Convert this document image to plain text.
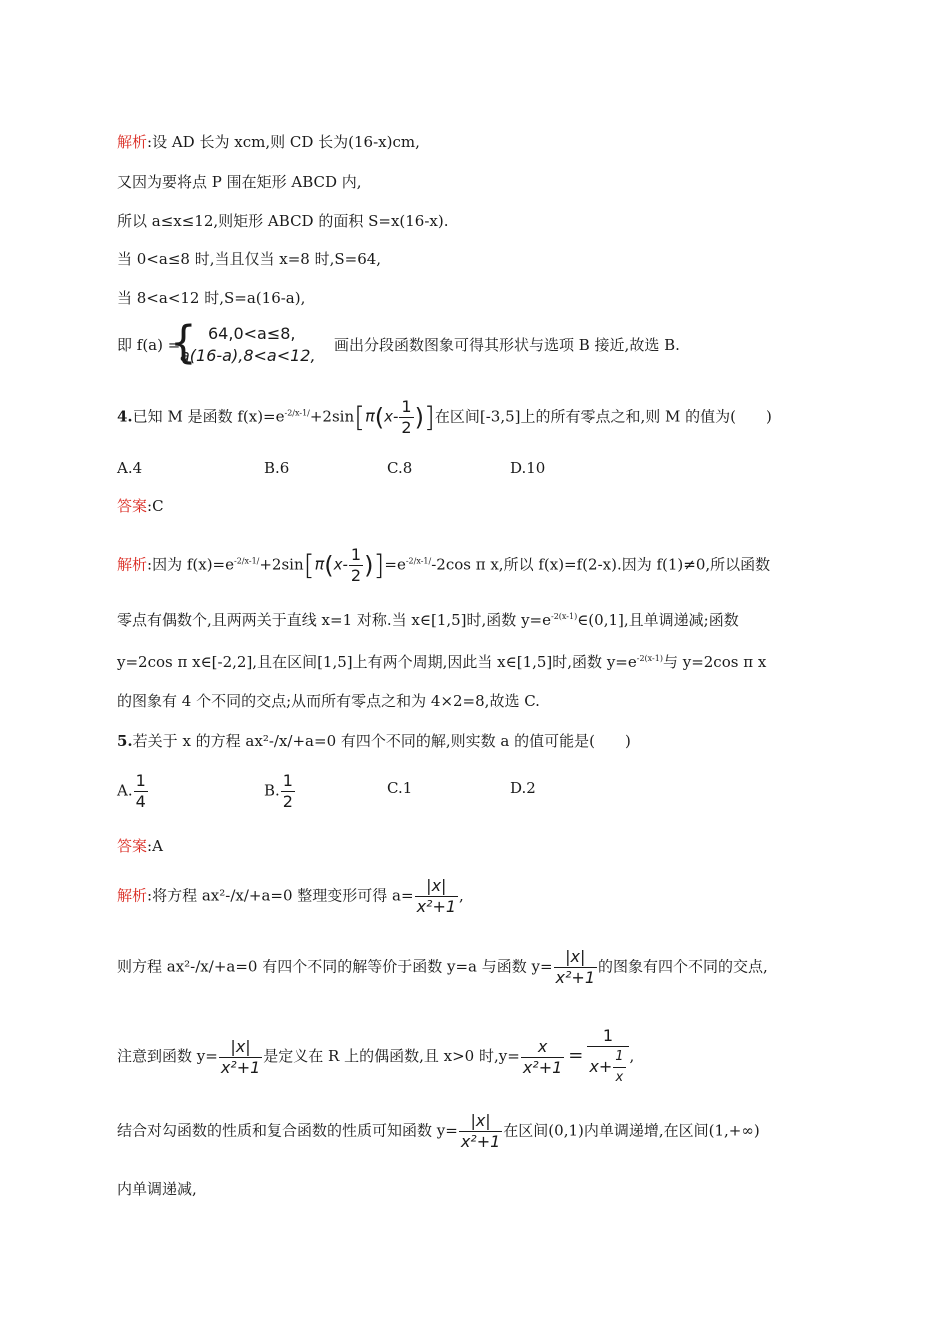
解析:设 AD 长为 xcm,则 CD 长为(16-x)cm,
又因为要将点 P 围在矩形 ABCD 内,
所以 a≤x≤12,则矩形 ABCD 的面积 S=x(16-x).
当 0<a≤8 时,当且仅当 x=8 时,S=64,
当 8<a<12 时,S=a(16-a),
即 f(a) =
{ 64,0<a≤8,
a(16-a),8<a<12,
画出分段函数图象可得其形状与选项 B 接近,故选 B.
4.已知 M 是函数 $f(x)=e^{-2/x-1/}+2\sin[\pi(x- \frac{1}{2}$ )]在区间[-3,5]上的所有零点之和,则 M 的值为(　　)
A.4	B.6	C.8	D.10
答案:C
解析:因为 $f(x)=e^{-2/x-1/}+2\sin[\pi(x- \frac{1}{2} )]=e^{-2/x-1/}-2\cos$ π x,所以 f(x)=f(2-x).因为 f(1)≠0,所以函数
零点有偶数个,且两两关于直线 x=1 对称.当 x∈[1,5]时,函数 $y=e^{-2(x-1)}\in(0,1]$,且单调递减;函数
y=2cos π x∈[-2,2],且在区间[1,5]上有两个周期,因此当 x∈[1,5]时,函数 $y=e^{-2(x-1)}$与 y=2cos π x
的图象有 4 个不同的交点;从而所有零点之和为 4×2=8,故选 C.
5.若关于 x 的方程 ax²-/x/+a=0 有四个不同的解,则实数 a 的值可能是(　　)
A. $\frac{1}{4}$	B. $\frac{1}{2}$	C.1	D.2
答案:A
解析:将方程 ax²-/x/+a=0 整理变形可得 $a= \frac{|x|}{\text{x²+1}}$ ,
则方程 ax²-/x/+a=0 有四个不同的解等价于函数 y=a 与函数 $y= \frac{|x|}{\text{x²+1}}$ 的图象有四个不同的交点,
注意到函数 $y= \frac{|x|}{\text{x²+1}}$ 是定义在 R 上的偶函数,且 x>0 时$,y= \frac{x}{\text{x²+1}} = \frac{1}{x+ \frac{1}{x}}$ ,
结合对勾函数的性质和复合函数的性质可知函数 $y= \frac{|x|}{\text{x²+1}}$ 在区间(0,1)内单调递增,在区间(1,+∞)
内单调递减,
